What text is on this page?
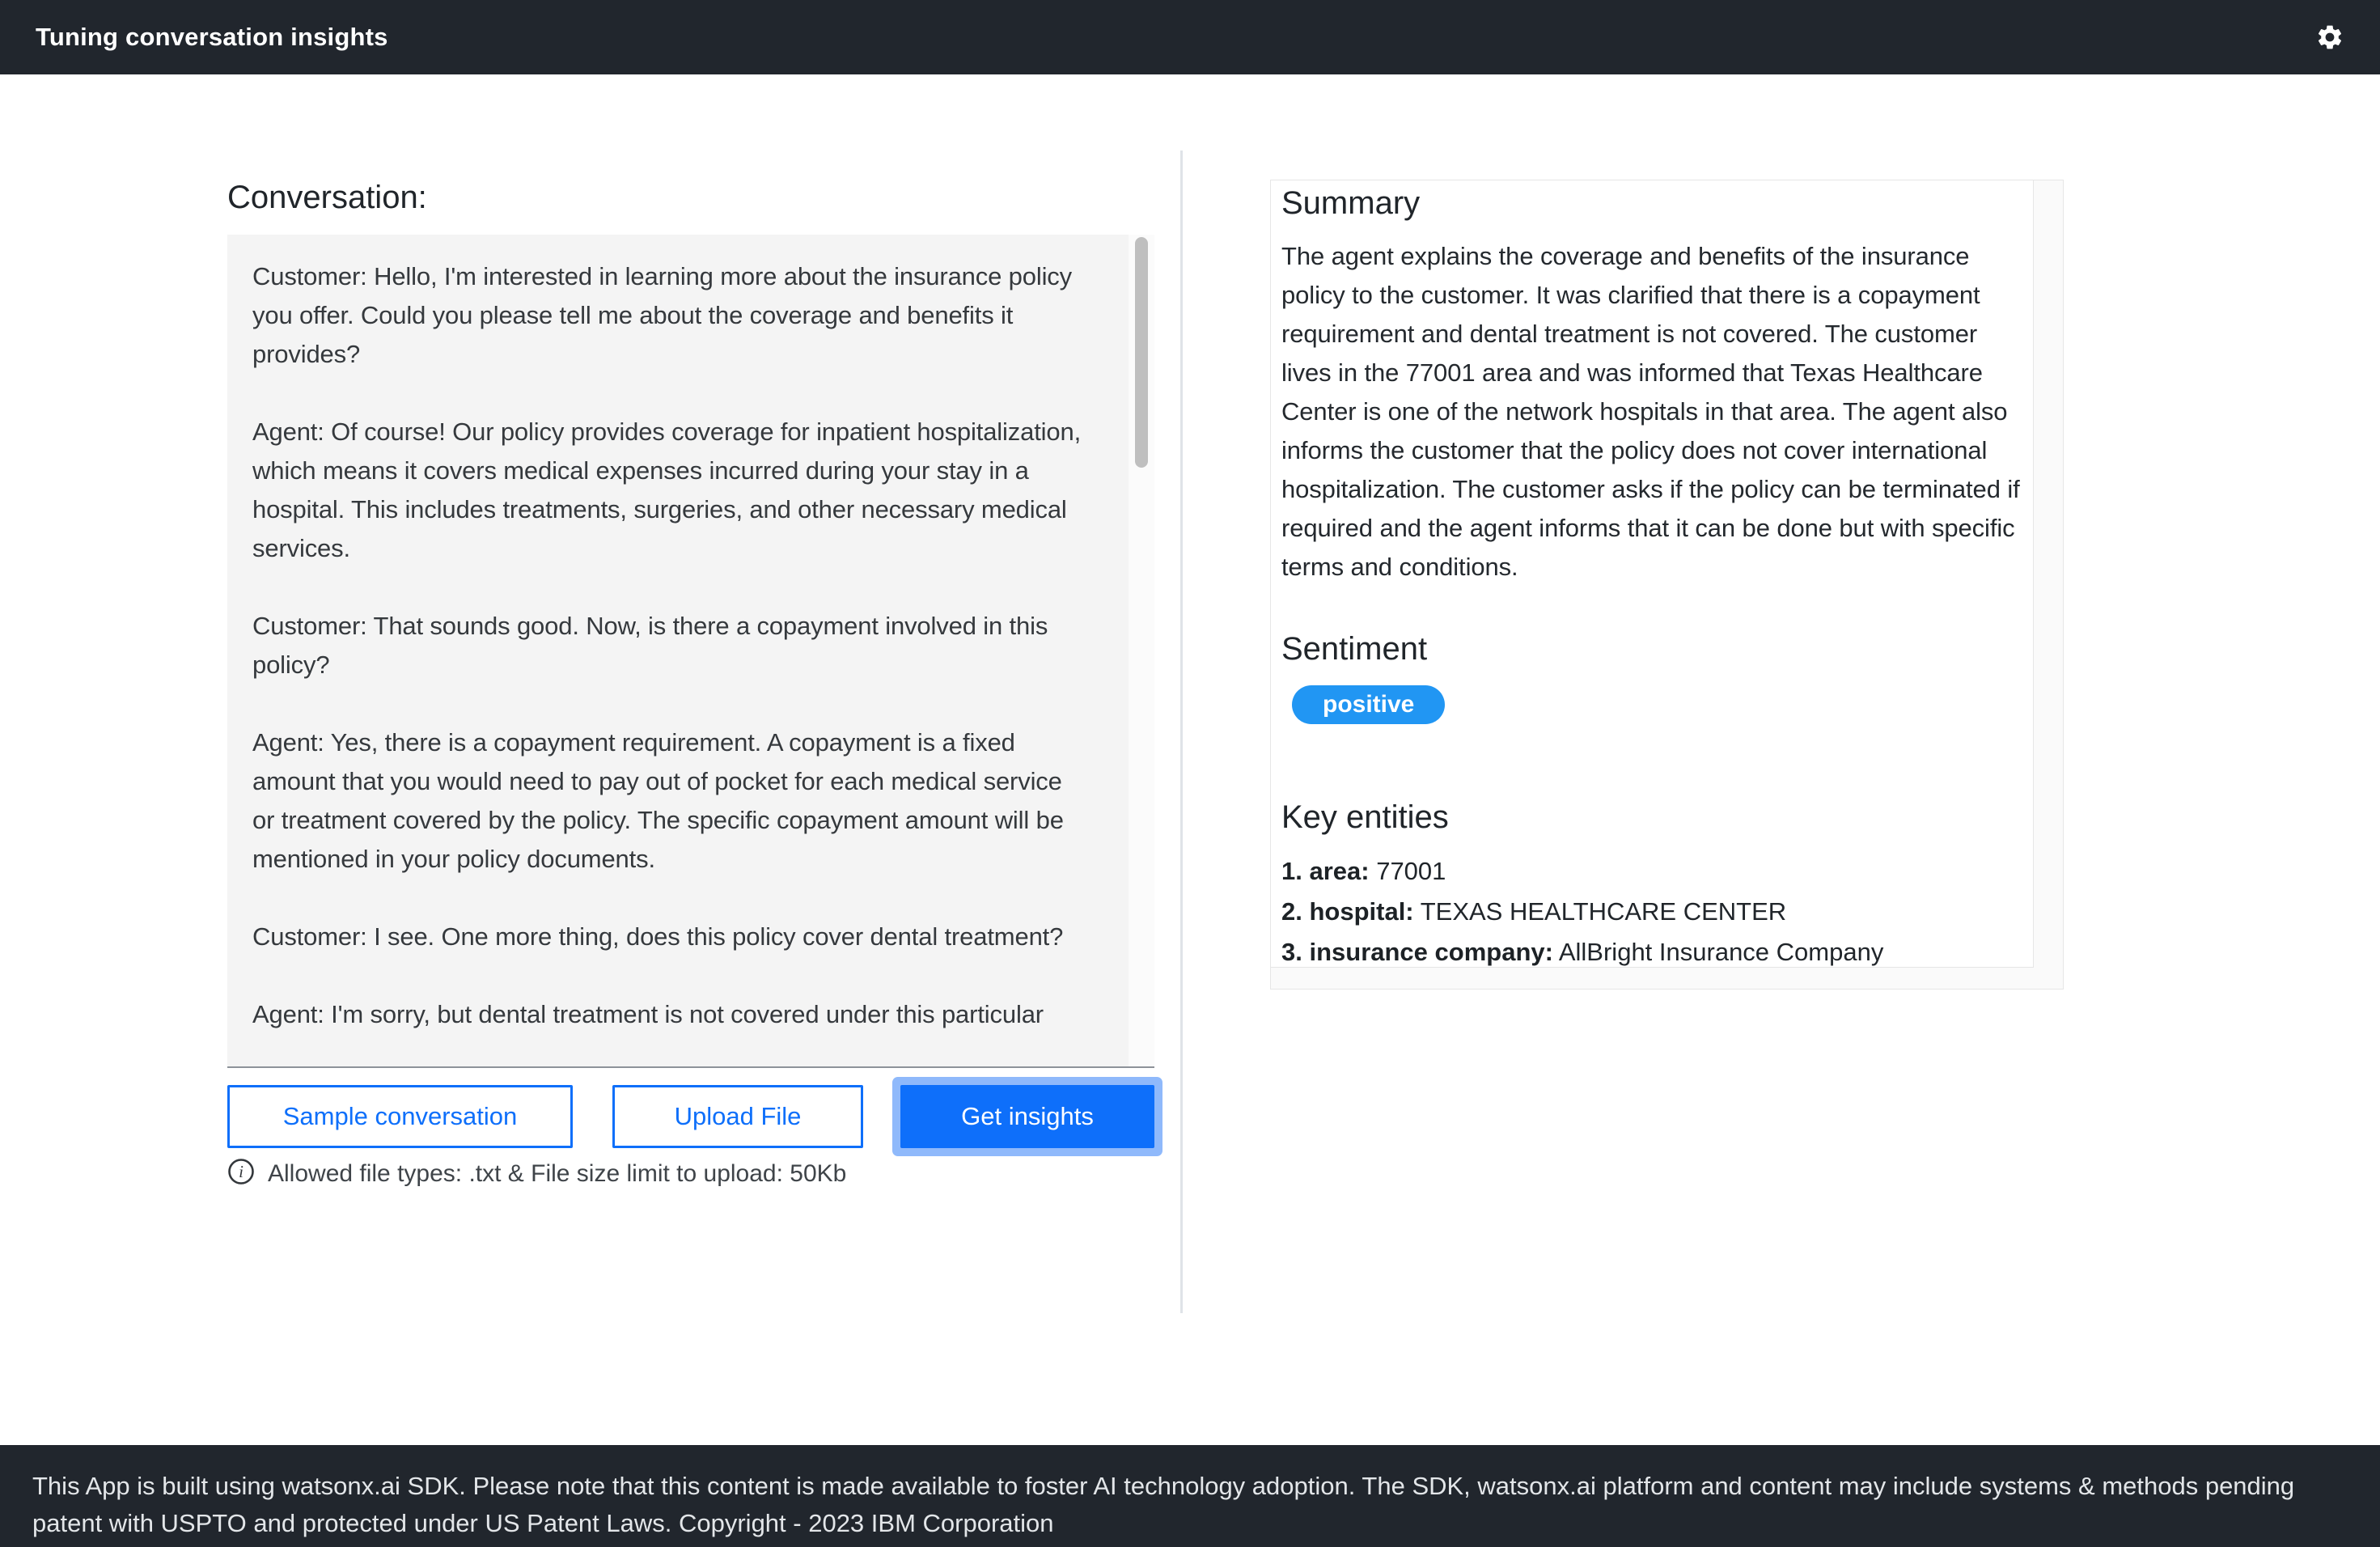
Tuning conversation insights
Conversation:

Customer: Hello, I'm interested in learning more about the insurance policy you offer. Could you please tell me about the coverage and benefits it provides?

Agent: Of course! Our policy provides coverage for inpatient hospitalization, which means it covers medical expenses incurred during your stay in a hospital. This includes treatments, surgeries, and other necessary medical services.

Customer: That sounds good. Now, is there a copayment involved in this policy?

Agent: Yes, there is a copayment requirement. A copayment is a fixed amount that you would need to pay out of pocket for each medical service or treatment covered by the policy. The specific copayment amount will be mentioned in your policy documents.

Customer: I see. One more thing, does this policy cover dental treatment?

Agent: I'm sorry, but dental treatment is not covered under this particular

Sample conversation	Upload File	Get insights
i Allowed file types: .txt & File size limit to upload: 50Kb
Summary
The agent explains the coverage and benefits of the insurance policy to the customer. It was clarified that there is a copayment requirement and dental treatment is not covered. The customer lives in the 77001 area and was informed that Texas Healthcare Center is one of the network hospitals in that area. The agent also informs the customer that the policy does not cover international hospitalization. The customer asks if the policy can be terminated if required and the agent informs that it can be done but with specific terms and conditions.
Sentiment
positive
Key entities
1. area: 77001
2. hospital: TEXAS HEALTHCARE CENTER
3. insurance company: AllBright Insurance Company
This App is built using watsonx.ai SDK. Please note that this content is made available to foster AI technology adoption. The SDK, watsonx.ai platform and content may include systems & methods pending patent with USPTO and protected under US Patent Laws. Copyright - 2023 IBM Corporation
